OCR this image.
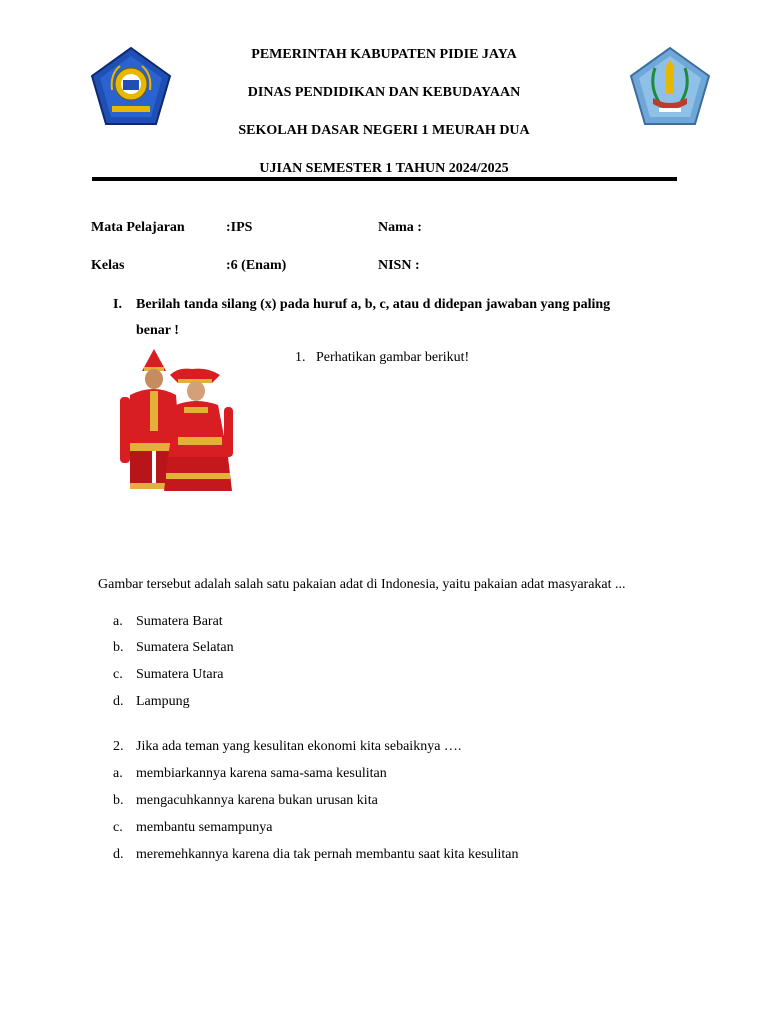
PEMERINTAH KABUPATEN PIDIE JAYA
DINAS PENDIDIKAN DAN KEBUDAYAAN
SEKOLAH DASAR NEGERI 1 MEURAH DUA
UJIAN SEMESTER 1 TAHUN 2024/2025
Mata Pelajaran	:IPS	Nama :
Kelas	:6 (Enam)	NISN :
I. Berilah tanda silang (x) pada huruf a, b, c, atau d didepan jawaban yang paling
benar !
1. Perhatikan gambar berikut!
Gambar tersebut adalah salah satu pakaian adat di Indonesia, yaitu pakaian adat masyarakat ...
a. Sumatera Barat
b. Sumatera Selatan
c. Sumatera Utara
d. Lampung
2. Jika ada teman yang kesulitan ekonomi kita sebaiknya ….
a. membiarkannya karena sama-sama kesulitan
b. mengacuhkannya karena bukan urusan kita
c. membantu semampunya
d. meremehkannya karena dia tak pernah membantu saat kita kesulitan
